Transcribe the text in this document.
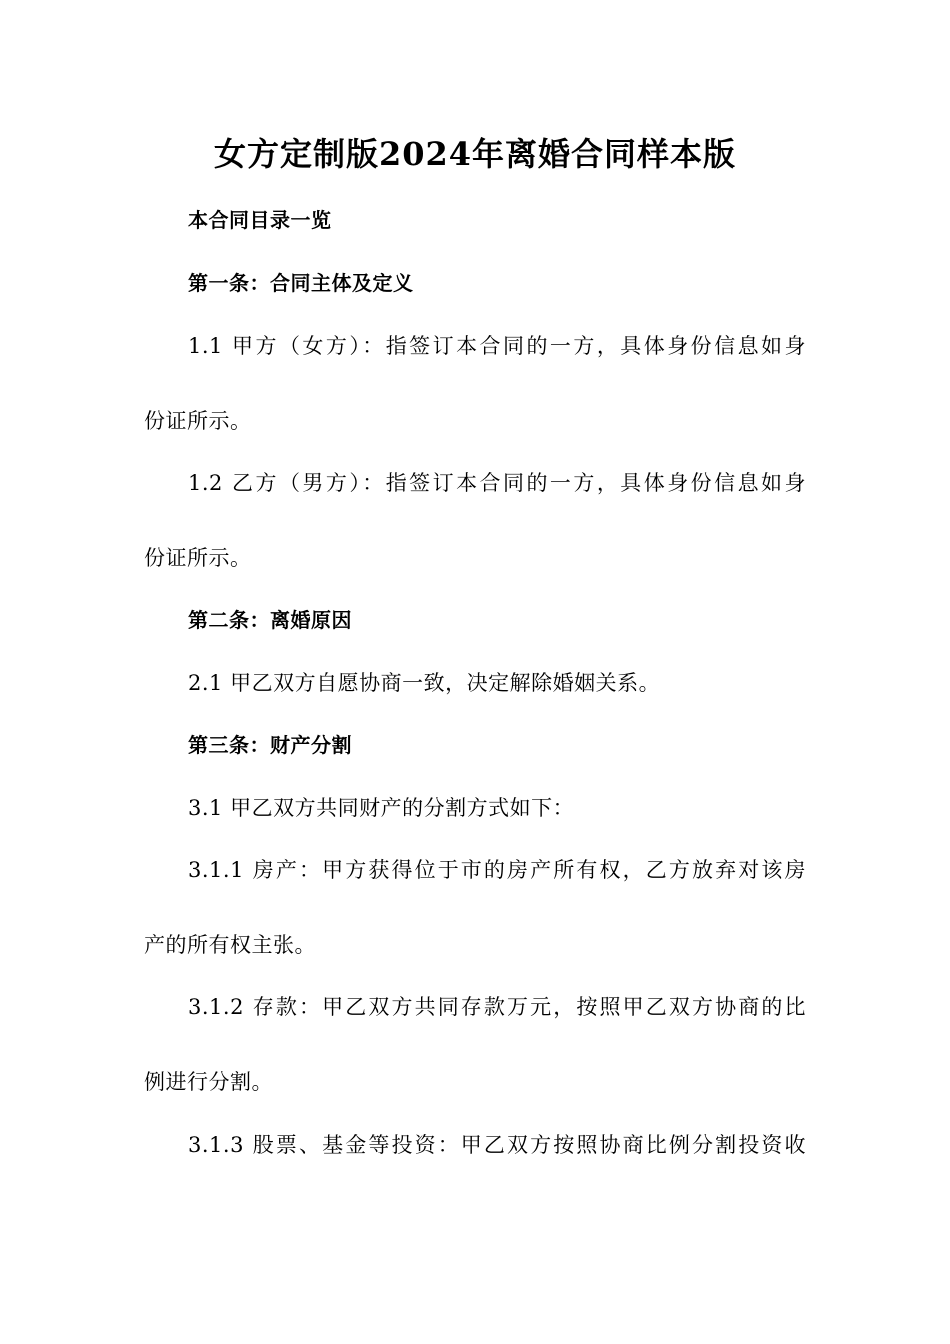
女方定制版2024年离婚合同样本版
本合同目录一览
第一条：合同主体及定义
1.1 甲方（女方）：指签订本合同的一方，具体身份信息如身
份证所示。
1.2 乙方（男方）：指签订本合同的一方，具体身份信息如身
份证所示。
第二条：离婚原因
2.1 甲乙双方自愿协商一致，决定解除婚姻关系。
第三条：财产分割
3.1 甲乙双方共同财产的分割方式如下：
3.1.1 房产：甲方获得位于市的房产所有权，乙方放弃对该房
产的所有权主张。
3.1.2 存款：甲乙双方共同存款万元，按照甲乙双方协商的比
例进行分割。
3.1.3 股票、基金等投资：甲乙双方按照协商比例分割投资收
